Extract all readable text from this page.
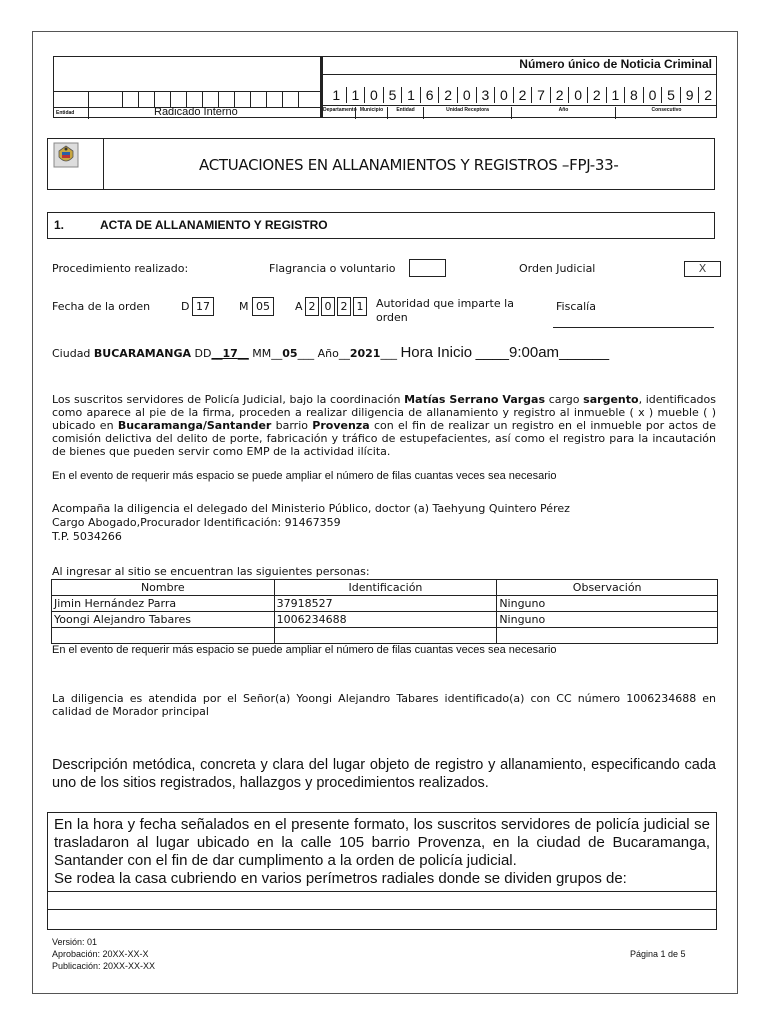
Entidad	Radicado Interno
Número único de Noticia Criminal
1 1 0 5 1 6 2 0 3 0 2 7 2 0 2 1 8 0 5 9 2
Departamento Municipio	Entidad	Unidad Receptora	Año	Consecutivo
ACTUACIONES EN ALLANAMIENTOS Y REGISTROS –FPJ-33-
1.	ACTA DE ALLANAMIENTO Y REGISTRO
Procedimiento realizado:	Flagrancia o voluntario	Orden Judicial	X
Fecha de la orden	D 17	M 05	A 2 0 2 1	Autoridad que imparte la
orden
Fiscalía
Ciudad BUCARAMANGA DD__17__ MM__05___ Año__2021___ Hora Inicio ____9:00am______
Los suscritos servidores de Policía Judicial, bajo la coordinación Matías Serrano Vargas cargo sargento, identificados como aparece al pie de la firma, proceden a realizar diligencia de allanamiento y registro al inmueble ( x ) mueble ( ) ubicado en Bucaramanga/Santander barrio Provenza con el fin de realizar un registro en el inmueble por actos de comisión delictiva del delito de porte, fabricación y tráfico de estupefacientes, así como el registro para la incautación de bienes que pueden servir como EMP de la actividad ilícita.
En el evento de requerir más espacio se puede ampliar el número de filas cuantas veces sea necesario
Acompaña la diligencia el delegado del Ministerio Público, doctor (a) Taehyung Quintero Pérez
Cargo Abogado,Procurador Identificación: 91467359
T.P. 5034266
Al ingresar al sitio se encuentran las siguientes personas:
Nombre	Identificación	Observación
Jimin Hernández Parra	37918527	Ninguno
Yoongi Alejandro Tabares	1006234688	Ninguno

En el evento de requerir más espacio se puede ampliar el número de filas cuantas veces sea necesario
La diligencia es atendida por el Señor(a) Yoongi Alejandro Tabares identificado(a) con CC número 1006234688 en calidad de Morador principal
Descripción metódica, concreta y clara del lugar objeto de registro y allanamiento, especificando cada uno de los sitios registrados, hallazgos y procedimientos realizados.
En la hora y fecha señalados en el presente formato, los suscritos servidores de policía judicial se trasladaron al lugar ubicado en la calle 105 barrio Provenza, en la ciudad de Bucaramanga, Santander con el fin de dar cumplimento a la orden de policía judicial.
Se rodea la casa cubriendo en varios perímetros radiales donde se dividen grupos de:
Versión: 01
Aprobación: 20XX-XX-X
Publicación: 20XX-XX-XX
Página 1 de 5
